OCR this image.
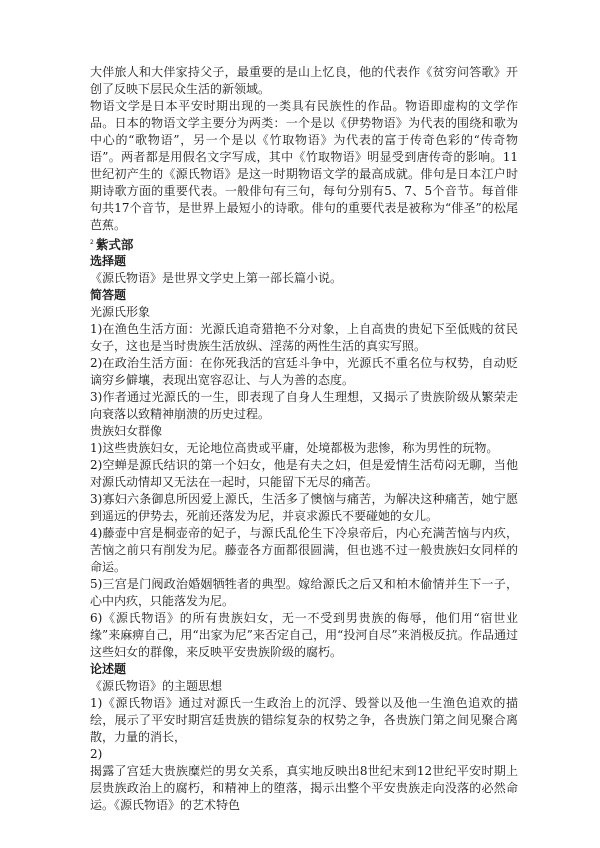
大伴旅人和大伴家持父子，最重要的是山上忆良，他的代表作《贫穷问答歌》开创了反映下层民众生活的新领域。

物语文学是日本平安时期出现的一类具有民族性的作品。物语即虚构的文学作品。日本的物语文学主要分为两类：一个是以《伊势物语》为代表的围绕和歌为中心的“歌物语”，另一个是以《竹取物语》为代表的富于传奇色彩的“传奇物语”。两者都是用假名文字写成，其中《竹取物语》明显受到唐传奇的影响。11世纪初产生的《源氏物语》是这一时期物语文学的最高成就。俳句是日本江户时期诗歌方面的重要代表。一般俳句有三句，每句分别有5、7、5个音节。每首俳句共17个音节，是世界上最短小的诗歌。俳句的重要代表是被称为“俳圣”的松尾芭蕉。

$^2$ 紫式部

选择题

《源氏物语》是世界文学史上第一部长篇小说。

简答题

光源氏形象

1)在渔色生活方面：光源氏追奇猎艳不分对象，上自高贵的贵妃下至低贱的贫民女子，这也是当时贵族生活放纵、淫荡的两性生活的真实写照。

2)在政治生活方面：在你死我活的宫廷斗争中，光源氏不重名位与权势，自动贬谪穷乡僻壤，表现出宽容忍让、与人为善的态度。

3)作者通过光源氏的一生，即表现了自身人生理想，又揭示了贵族阶级从繁荣走向衰落以致精神崩溃的历史过程。

贵族妇女群像

1)这些贵族妇女，无论地位高贵或平庸，处境都极为悲惨，称为男性的玩物。

2)空蝉是源氏结识的第一个妇女，他是有夫之妇，但是爱情生活苟闷无聊，当他对源氏动情却又无法在一起时，只能留下无尽的痛苦。

3)寡妇六条御息所因爱上源氏，生活多了懊恼与痛苦，为解决这种痛苦，她宁愿到遥远的伊势去，死前还落发为尼，并哀求源氏不要碰她的女儿。

4)藤壶中宫是桐壶帝的妃子，与源氏乱伦生下冷泉帝后，内心充满苦恼与内疚，苦恼之前只有削发为尼。藤壶各方面都很圆满，但也逃不过一般贵族妇女同样的命运。

5)三宫是门阀政治婚姻牺牲者的典型。嫁给源氏之后又和柏木偷情并生下一子，心中内疚，只能落发为尼。

6)《源氏物语》的所有贵族妇女，无一不受到男贵族的侮辱，他们用“宿世业缘”来麻痹自己，用“出家为尼”来否定自己，用“投河自尽”来消极反抗。作品通过这些妇女的群像，来反映平安贵族阶级的腐朽。

论述题

《源氏物语》的主题思想

1)《源氏物语》通过对源氏一生政治上的沉浮、毁誉以及他一生渔色追欢的描绘，展示了平安时期宫廷贵族的错综复杂的权势之争，各贵族门第之间见聚合离散，力量的消长，

2)

揭露了宫廷大贵族糜烂的男女关系，真实地反映出8世纪末到12世纪平安时期上层贵族政治上的腐朽，和精神上的堕落，揭示出整个平安贵族走向没落的必然命运。《源氏物语》的艺术特色
